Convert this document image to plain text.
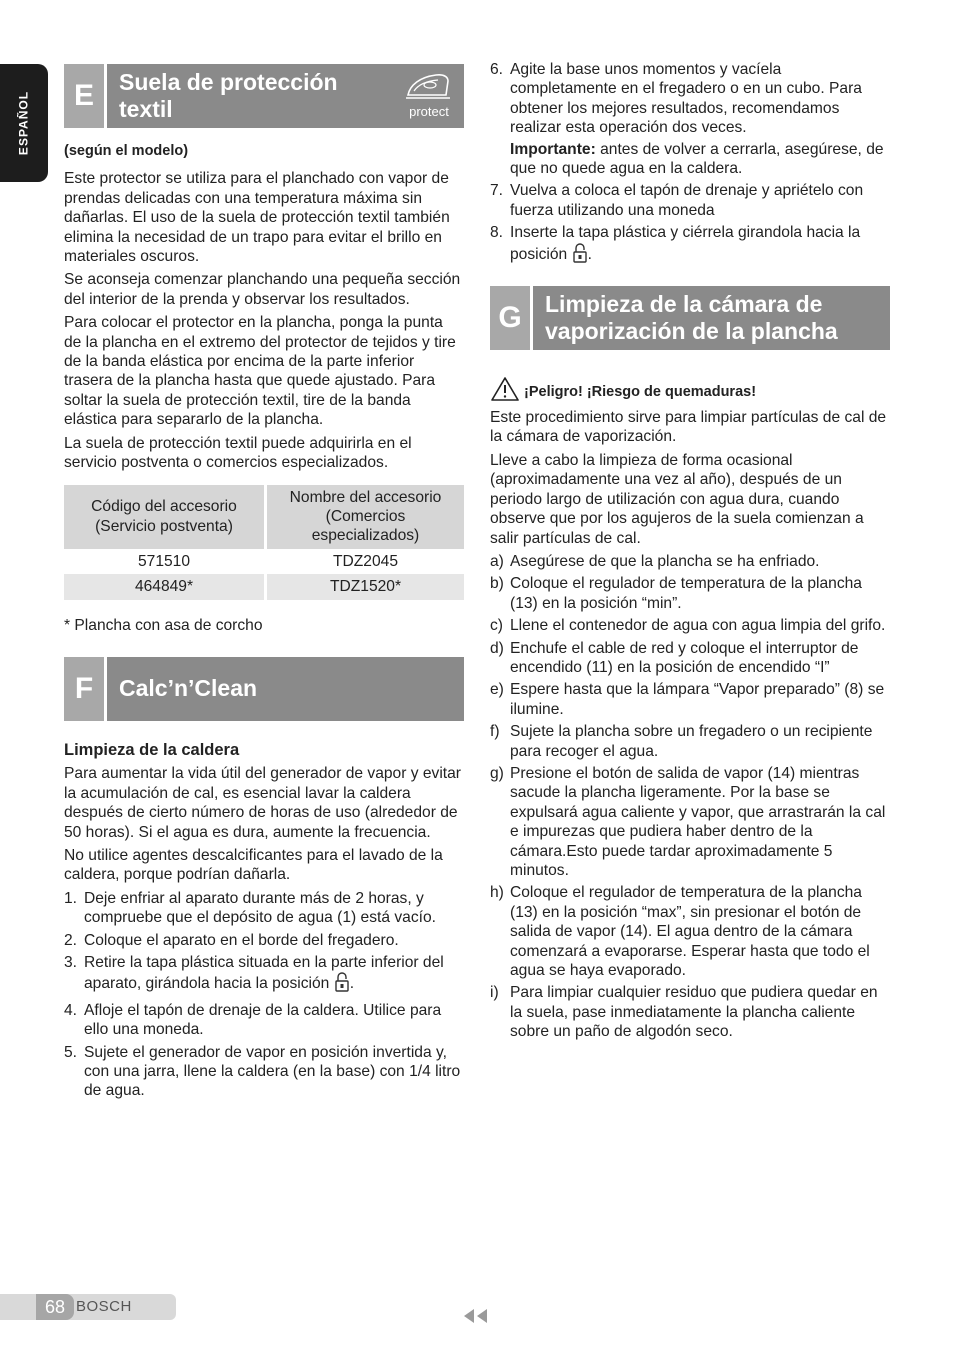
ESPAÑOL	E	Suela de protección textil	protect

(según el modelo)

Este protector se utiliza para el planchado con vapor de prendas delicadas con una temperatura máxima sin dañarlas. El uso de la suela de protección textil también elimina la necesidad de un trapo para evitar el brillo en materiales oscuros.

Se aconseja comenzar planchando una pequeña sección del interior de la prenda y observar los resultados.

Para colocar el protector en la plancha, ponga la punta de la plancha en el extremo del protector de tejidos y tire de la banda elástica por encima de la parte inferior trasera de la plancha hasta que quede ajustado. Para soltar la suela de protección textil, tire de la banda elástica para separarlo de la plancha.

La suela de protección textil puede adquirirla en el servicio postventa o comercios especializados.

Código del accesorio (Servicio postventa)	Nombre del accesorio (Comercios especializados)
571510	TDZ2045
464849*	TDZ1520*

* Plancha con asa de corcho

F	Calc’n’Clean

Limpieza de la caldera

Para aumentar la vida útil del generador de vapor y evitar la acumulación de cal, es esencial lavar la caldera después de cierto número de horas de uso (alrededor de 50 horas). Si el agua es dura, aumente la frecuencia.

No utilice agentes descalcificantes para el lavado de la caldera, porque podrían dañarla.

1. Deje enfriar al aparato durante más de 2 horas, y compruebe que el depósito de agua (1) está vacío.
2. Coloque el aparato en el borde del fregadero.
3. Retire la tapa plástica situada en la parte inferior del aparato, girándola hacia la posición .
4. Afloje el tapón de drenaje de la caldera. Utilice para ello una moneda.
5. Sujete el generador de vapor en posición invertida y, con una jarra, llene la caldera (en la base) con 1/4 litro de agua.
6. Agite la base unos momentos y vacíela completamente en el fregadero o en un cubo. Para obtener los mejores resultados, recomendamos realizar esta operación dos veces.
Importante: antes de volver a cerrarla, asegúrese, de que no quede agua en la caldera.
7. Vuelva a coloca el tapón de drenaje y apriételo con fuerza utilizando una moneda
8. Inserte la tapa plástica y ciérrela girandola hacia la posición .
G	Limpieza de la cámara de vaporización de la plancha
¡Peligro! ¡Riesgo de quemaduras!

Este procedimiento sirve para limpiar partículas de cal de la cámara de vaporización.

Lleve a cabo la limpieza de forma ocasional (aproximadamente una vez al año), después de un periodo largo de utilización con agua dura, cuando observe que por los agujeros de la suela comienzan a salir partículas de cal.

a) Asegúrese de que la plancha se ha enfriado.
b) Coloque el regulador de temperatura de la plancha (13) en la posición “min”.
c) Llene el contenedor de agua con agua limpia del grifo.
d) Enchufe el cable de red y coloque el interruptor de encendido (11) en la posición de encendido “I”
e) Espere hasta que la lámpara “Vapor preparado” (8) se ilumine.
f) Sujete la plancha sobre un fregadero o un recipiente para recoger el agua.
g) Presione el botón de salida de vapor (14) mientras sacude la plancha ligeramente. Por la base se expulsará agua caliente y vapor, que arrastrarán la cal e impurezas que pudiera haber dentro de la cámara.Esto puede tardar aproximadamente 5 minutos.
h) Coloque el regulador de temperatura de la plancha (13) en la posición “max”, sin presionar el botón de salida de vapor (14). El agua dentro de la cámara comenzará a evaporarse. Esperar hasta que todo el agua se haya evaporado.
i) Para limpiar cualquier residuo que pudiera quedar en la suela, pase inmediatamente la plancha caliente sobre un paño de algodón seco.
68 BOSCH
